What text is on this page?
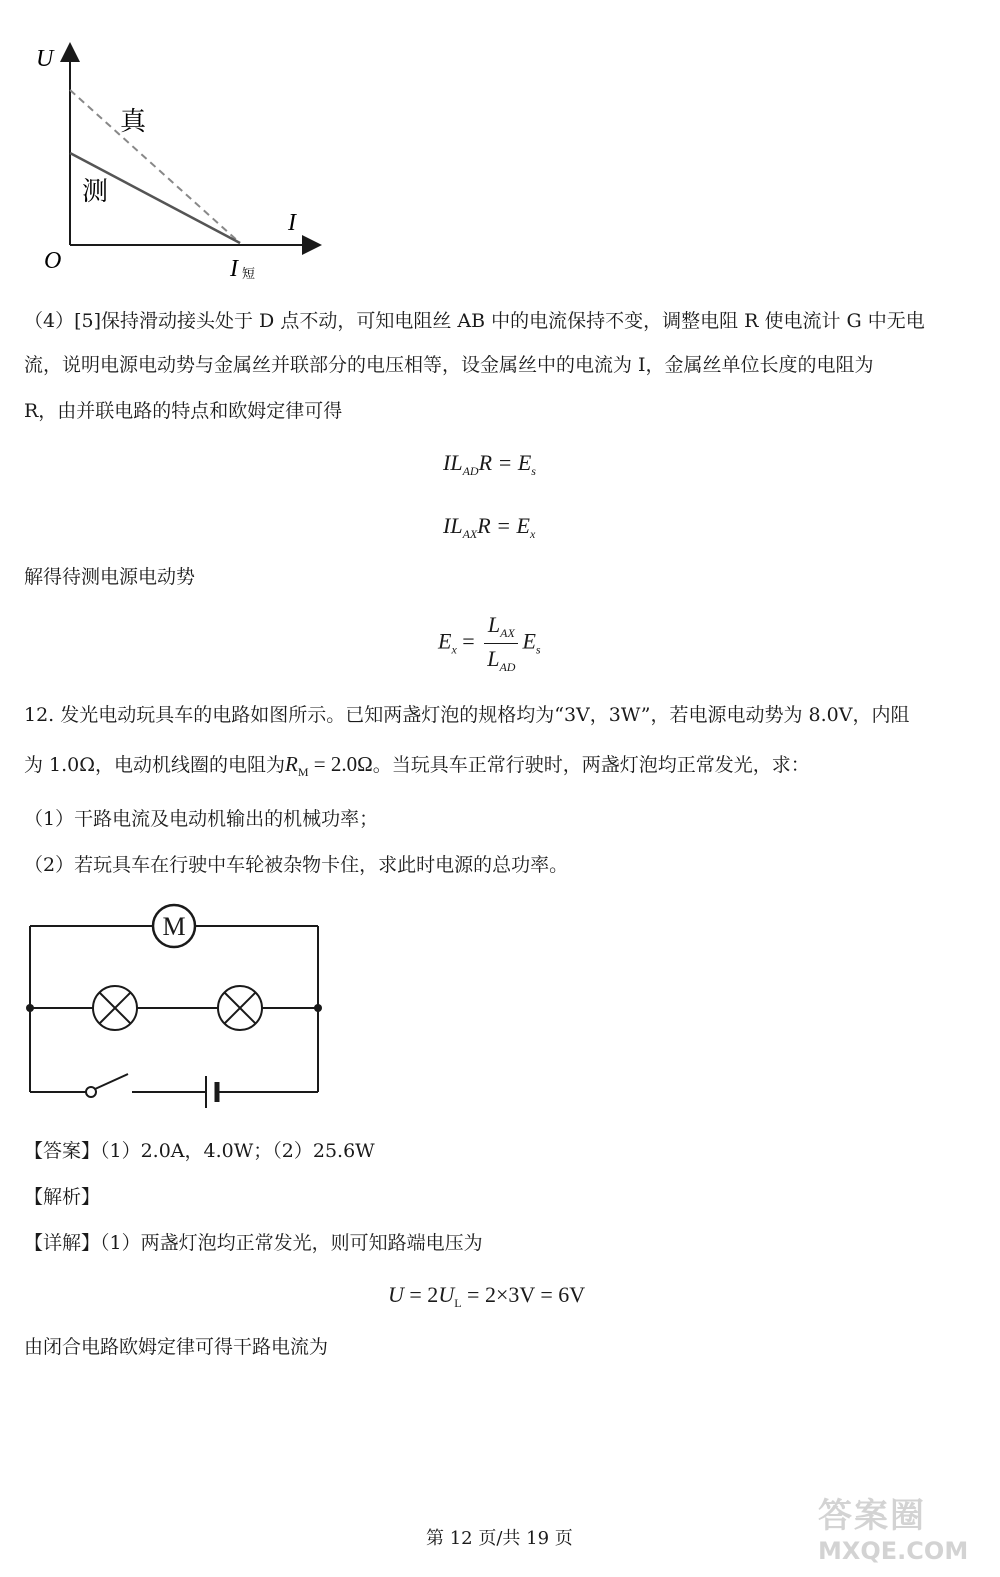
U
I
O
真
测
I 短
（4）[5]保持滑动接头处于 D 点不动，可知电阻丝 AB 中的电流保持不变，调整电阻 R 使电流计 G 中无电
流，说明电源电动势与金属丝并联部分的电压相等，设金属丝中的电流为 I，金属丝单位长度的电阻为
R，由并联电路的特点和欧姆定律可得
$IL_{AD}R = E_s$
$IL_{AX}R = E_x$
解得待测电源电动势
$E_x = \frac{L_{AX}}{L_{AD}} E_s$
12. 发光电动玩具车的电路如图所示。已知两盏灯泡的规格均为“3V，3W”，若电源电动势为 8.0V，内阻
为 1.0Ω，电动机线圈的电阻为$R_M = 2.0\Omega$。当玩具车正常行驶时，两盏灯泡均正常发光，求：
（1）干路电流及电动机输出的机械功率；
（2）若玩具车在行驶中车轮被杂物卡住，求此时电源的总功率。
M
【答案】（1）2.0A，4.0W；（2）25.6W
【解析】
【详解】（1）两盏灯泡均正常发光，则可知路端电压为
$U = 2U_L = 2\times 3V = 6V$
由闭合电路欧姆定律可得干路电流为
第 12 页/共 19 页
答案圈
MXQE.COM
